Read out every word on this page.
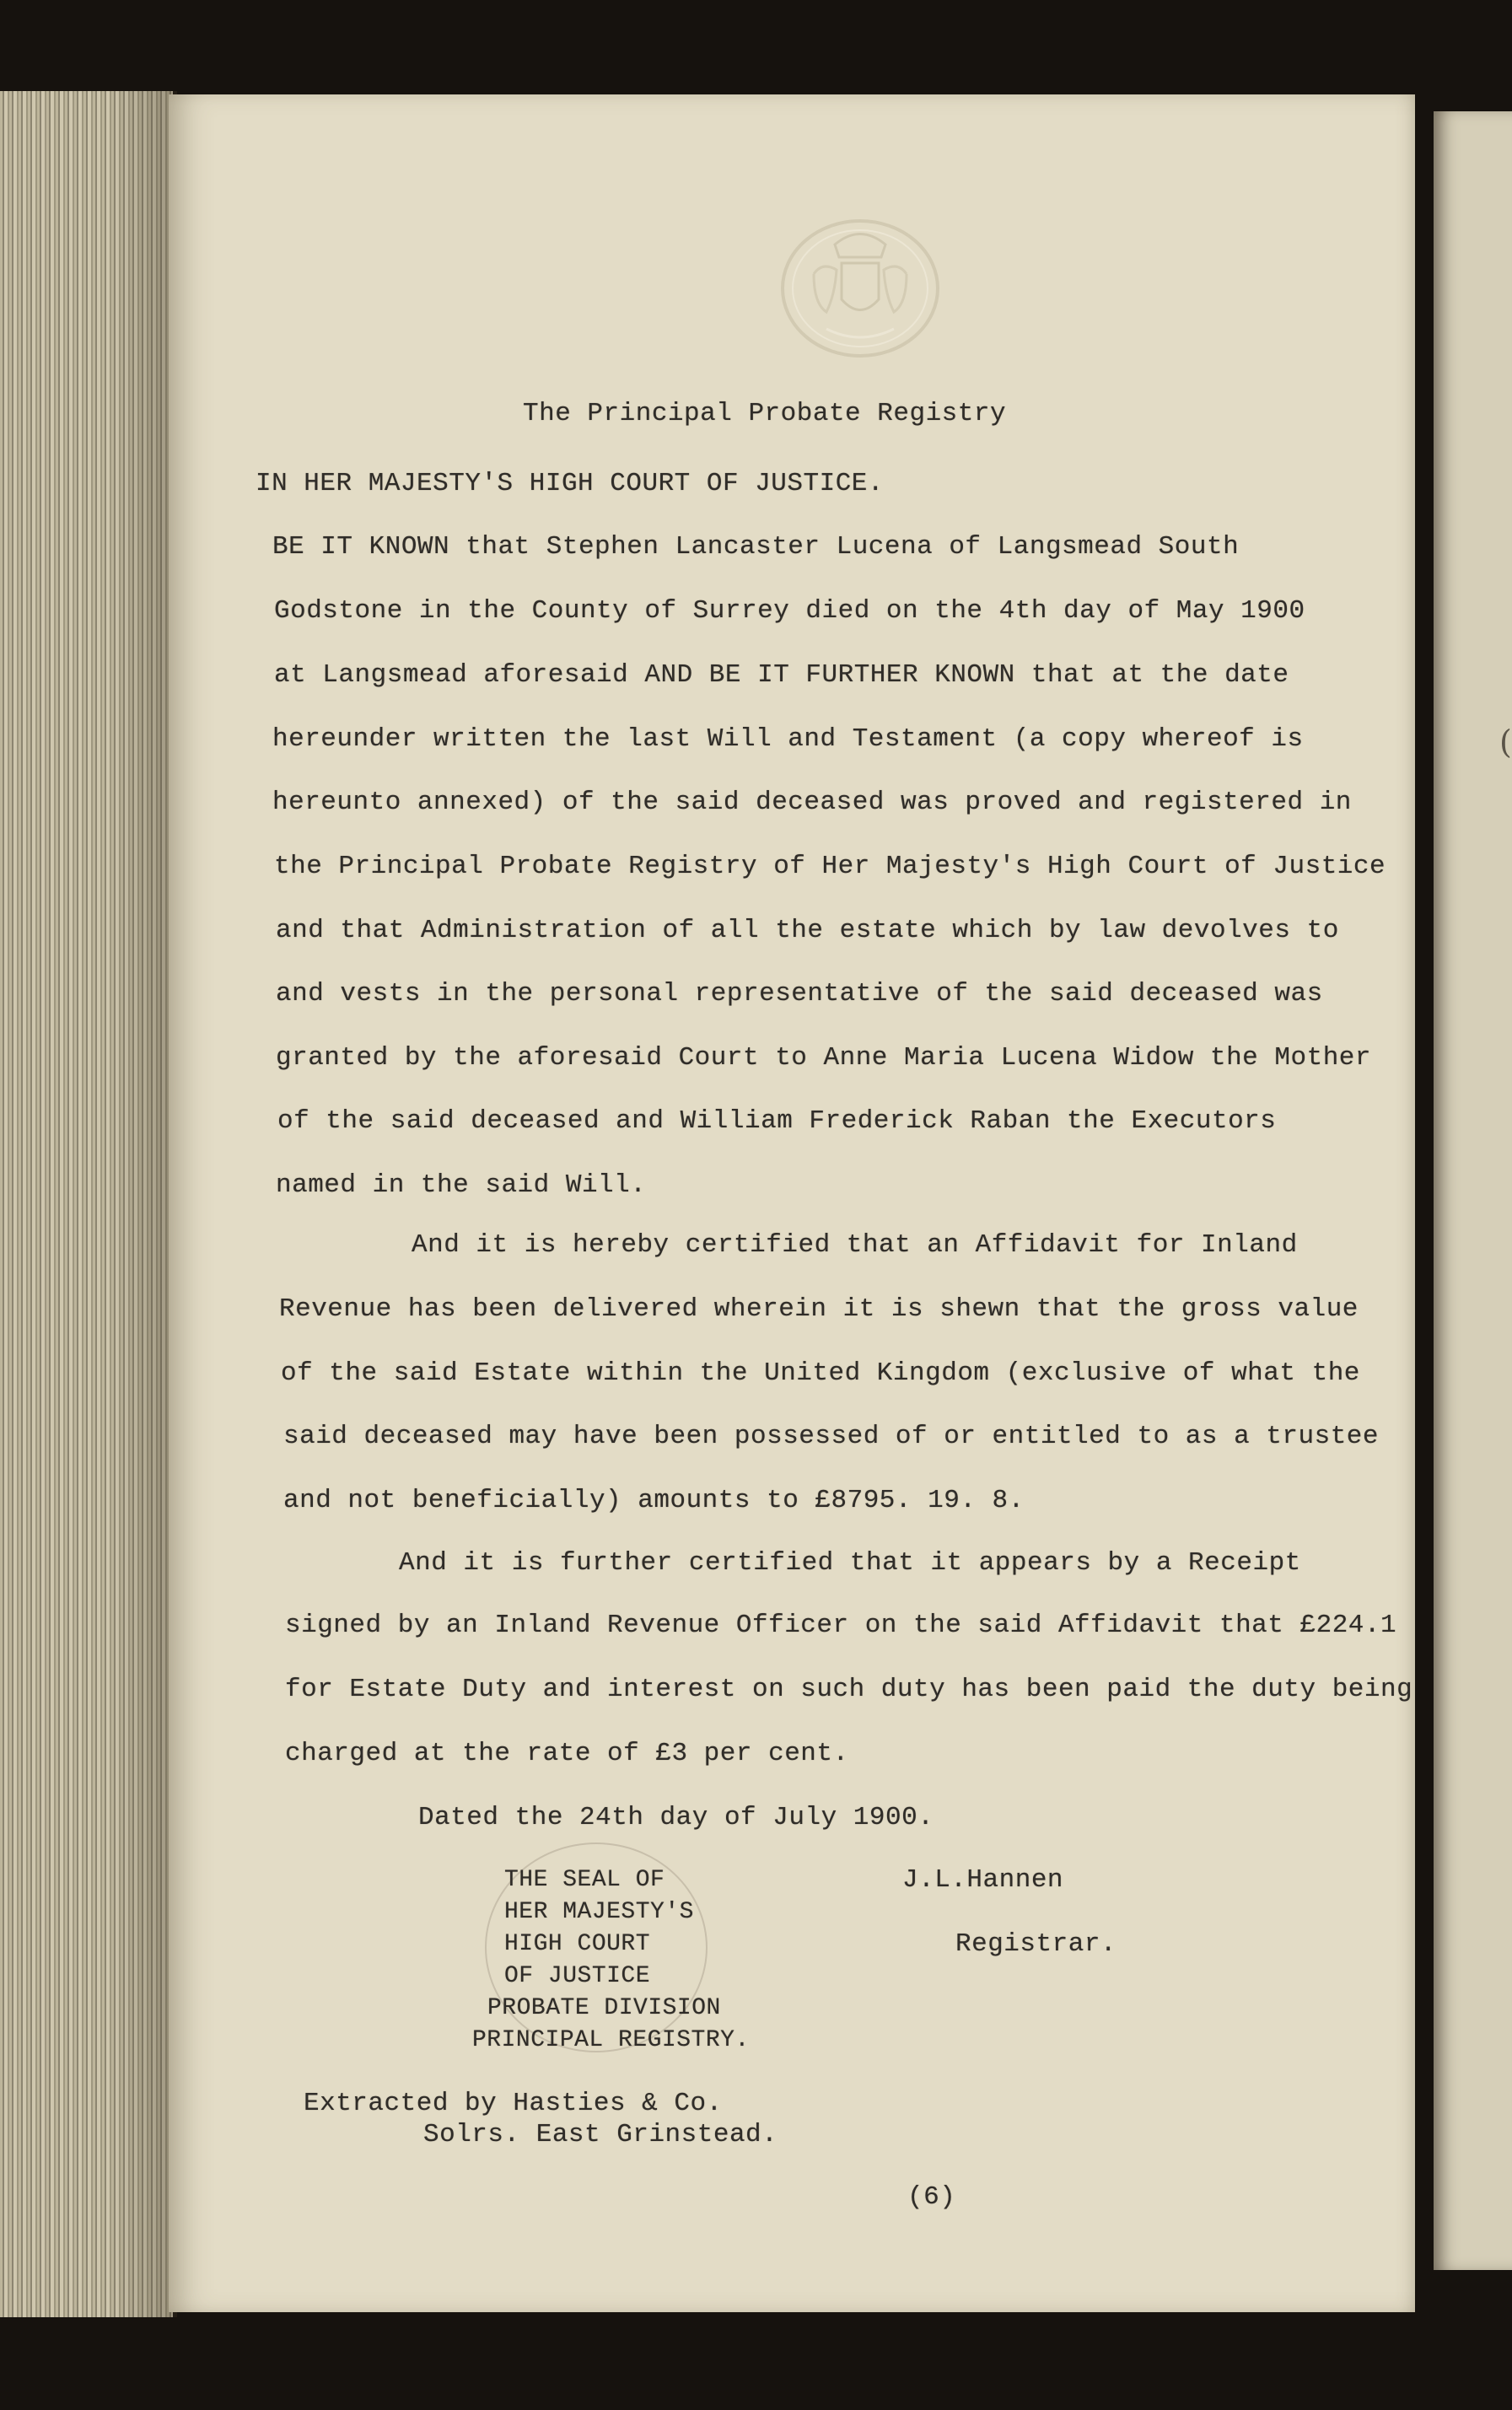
(
The Principal Probate Registry
IN HER MAJESTY'S HIGH COURT OF JUSTICE.
BE IT KNOWN that Stephen Lancaster Lucena of Langsmead South
Godstone in the County of Surrey died on the 4th day of May 1900
at Langsmead aforesaid AND BE IT FURTHER KNOWN that at the date
hereunder written the last Will and Testament (a copy whereof is
hereunto annexed) of the said deceased was proved and registered in
the Principal Probate Registry of Her Majesty's High Court of Justice
and that Administration of all the estate which by law devolves to
and vests in the personal representative of the said deceased was
granted by the aforesaid Court to Anne Maria Lucena Widow the Mother
of the said deceased and William Frederick Raban the Executors
named in the said Will.
And it is hereby certified that an Affidavit for Inland
Revenue has been delivered wherein it is shewn that the gross value
of the said Estate within the United Kingdom (exclusive of what the
said deceased may have been possessed of or entitled to as a trustee
and not beneficially) amounts to £8795. 19. 8.
And it is further certified that it appears by a Receipt
signed by an Inland Revenue Officer on the said Affidavit that £224.1
for Estate Duty and interest on such duty has been paid the duty being
charged at the rate of £3 per cent.
Dated the 24th day of July 1900.
THE SEAL OF
HER MAJESTY'S
HIGH COURT
OF JUSTICE
PROBATE DIVISION
PRINCIPAL REGISTRY.
J.L.Hannen
Registrar.
Extracted by Hasties & Co.
Solrs. East Grinstead.
(6)
